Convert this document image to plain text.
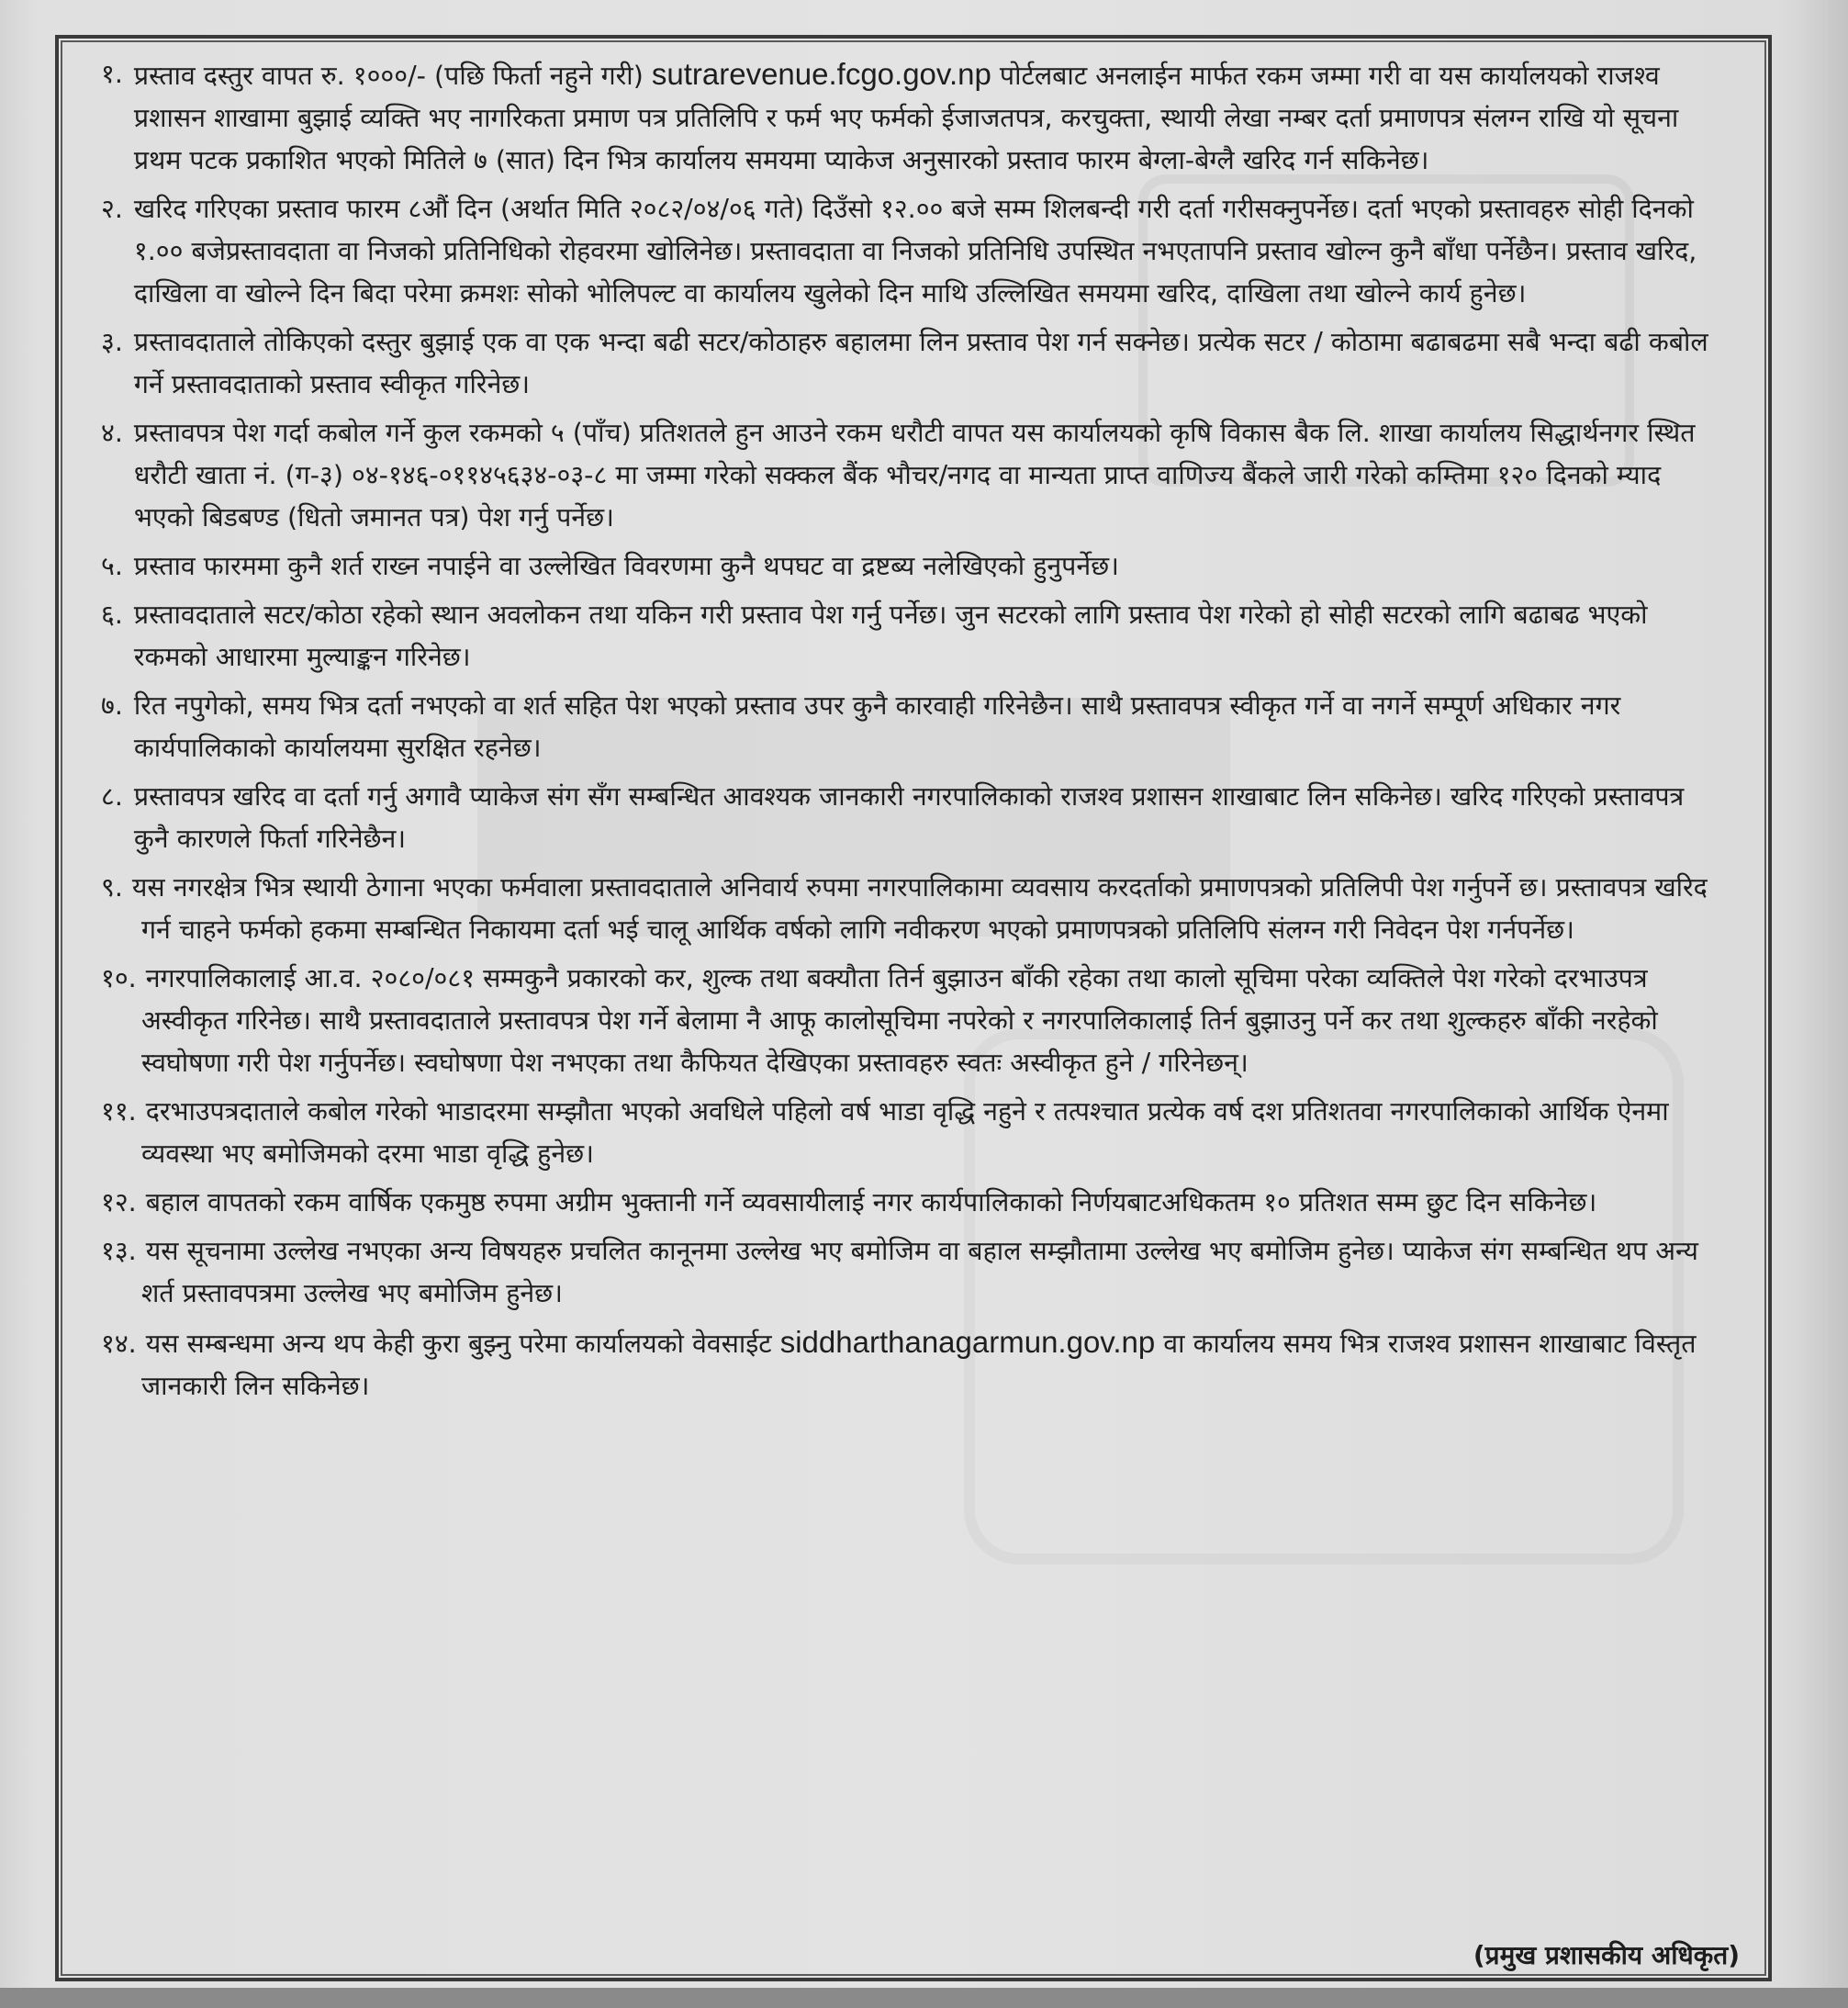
१. प्रस्ताव दस्तुर वापत रु. १०००/- (पछि फिर्ता नहुने गरी) sutrarevenue.fcgo.gov.np पोर्टलबाट अनलाईन मार्फत रकम जम्मा गरी वा यस कार्यालयको राजश्व प्रशासन शाखामा बुझाई व्यक्ति भए नागरिकता प्रमाण पत्र प्रतिलिपि र फर्म भए फर्मको ईजाजतपत्र, करचुक्ता, स्थायी लेखा नम्बर दर्ता प्रमाणपत्र संलग्न राखि यो सूचना प्रथम पटक प्रकाशित भएको मितिले ७ (सात) दिन भित्र कार्यालय समयमा प्याकेज अनुसारको प्रस्ताव फारम बेग्ला-बेग्लै खरिद गर्न सकिनेछ।
२. खरिद गरिएका प्रस्ताव फारम ८औं दिन (अर्थात मिति २०८२/०४/०६ गते) दिउँसो १२.०० बजे सम्म शिलबन्दी गरी दर्ता गरीसक्नुपर्नेछ। दर्ता भएको प्रस्तावहरु सोही दिनको १.०० बजेप्रस्तावदाता वा निजको प्रतिनिधिको रोहवरमा खोलिनेछ। प्रस्तावदाता वा निजको प्रतिनिधि उपस्थित नभएतापनि प्रस्ताव खोल्न कुनै बाँधा पर्नेछैन। प्रस्ताव खरिद, दाखिला वा खोल्ने दिन बिदा परेमा क्रमशः सोको भोलिपल्ट वा कार्यालय खुलेको दिन माथि उल्लिखित समयमा खरिद, दाखिला तथा खोल्ने कार्य हुनेछ।
३. प्रस्तावदाताले तोकिएको दस्तुर बुझाई एक वा एक भन्दा बढी सटर/कोठाहरु बहालमा लिन प्रस्ताव पेश गर्न सक्नेछ। प्रत्येक सटर / कोठामा बढाबढमा सबै भन्दा बढी कबोल गर्ने प्रस्तावदाताको प्रस्ताव स्वीकृत गरिनेछ।
४. प्रस्तावपत्र पेश गर्दा कबोल गर्ने कुल रकमको ५ (पाँच) प्रतिशतले हुन आउने रकम धरौटी वापत यस कार्यालयको कृषि विकास बैक लि. शाखा कार्यालय सिद्धार्थनगर स्थित धरौटी खाता नं. (ग-३) ०४-१४६-०११४५६३४-०३-८ मा जम्मा गरेको सक्कल बैंक भौचर/नगद वा मान्यता प्राप्त वाणिज्य बैंकले जारी गरेको कम्तिमा १२० दिनको म्याद भएको बिडबण्ड (धितो जमानत पत्र) पेश गर्नु पर्नेछ।
५. प्रस्ताव फारममा कुनै शर्त राख्न नपाईने वा उल्लेखित विवरणमा कुनै थपघट वा द्रष्टब्य नलेखिएको हुनुपर्नेछ।
६. प्रस्तावदाताले सटर/कोठा रहेको स्थान अवलोकन तथा यकिन गरी प्रस्ताव पेश गर्नु पर्नेछ। जुन सटरको लागि प्रस्ताव पेश गरेको हो सोही सटरको लागि बढाबढ भएको रकमको आधारमा मुल्याङ्कन गरिनेछ।
७. रित नपुगेको, समय भित्र दर्ता नभएको वा शर्त सहित पेश भएको प्रस्ताव उपर कुनै कारवाही गरिनेछैन। साथै प्रस्तावपत्र स्वीकृत गर्ने वा नगर्ने सम्पूर्ण अधिकार नगर कार्यपालिकाको कार्यालयमा सुरक्षित रहनेछ।
८. प्रस्तावपत्र खरिद वा दर्ता गर्नु अगावै प्याकेज संग सँग सम्बन्धित आवश्यक जानकारी नगरपालिकाको राजश्व प्रशासन शाखाबाट लिन सकिनेछ। खरिद गरिएको प्रस्तावपत्र कुनै कारणले फिर्ता गरिनेछैन।
९. यस नगरक्षेत्र भित्र स्थायी ठेगाना भएका फर्मवाला प्रस्तावदाताले अनिवार्य रुपमा नगरपालिकामा व्यवसाय करदर्ताको प्रमाणपत्रको प्रतिलिपी पेश गर्नुपर्ने छ। प्रस्तावपत्र खरिद गर्न चाहने फर्मको हकमा सम्बन्धित निकायमा दर्ता भई चालू आर्थिक वर्षको लागि नवीकरण भएको प्रमाणपत्रको प्रतिलिपि संलग्न गरी निवेदन पेश गर्नपर्नेछ।
१०. नगरपालिकालाई आ.व. २०८०/०८१ सम्मकुनै प्रकारको कर, शुल्क तथा बक्यौता तिर्न बुझाउन बाँकी रहेका तथा कालो सूचिमा परेका व्यक्तिले पेश गरेको दरभाउपत्र अस्वीकृत गरिनेछ। साथै प्रस्तावदाताले प्रस्तावपत्र पेश गर्ने बेलामा नै आफू कालोसूचिमा नपरेको र नगरपालिकालाई तिर्न बुझाउनु पर्ने कर तथा शुल्कहरु बाँकी नरहेको स्वघोषणा गरी पेश गर्नुपर्नेछ। स्वघोषणा पेश नभएका तथा कैफियत देखिएका प्रस्तावहरु स्वतः अस्वीकृत हुने / गरिनेछन्।
११. दरभाउपत्रदाताले कबोल गरेको भाडादरमा सम्झौता भएको अवधिले पहिलो वर्ष भाडा वृद्धि नहुने र तत्पश्चात प्रत्येक वर्ष दश प्रतिशतवा नगरपालिकाको आर्थिक ऐनमा व्यवस्था भए बमोजिमको दरमा भाडा वृद्धि हुनेछ।
१२. बहाल वापतको रकम वार्षिक एकमुष्ठ रुपमा अग्रीम भुक्तानी गर्ने व्यवसायीलाई नगर कार्यपालिकाको निर्णयबाटअधिकतम १० प्रतिशत सम्म छुट दिन सकिनेछ।
१३. यस सूचनामा उल्लेख नभएका अन्य विषयहरु प्रचलित कानूनमा उल्लेख भए बमोजिम वा बहाल सम्झौतामा उल्लेख भए बमोजिम हुनेछ। प्याकेज संग सम्बन्धित थप अन्य शर्त प्रस्तावपत्रमा उल्लेख भए बमोजिम हुनेछ।
१४. यस सम्बन्धमा अन्य थप केही कुरा बुझ्नु परेमा कार्यालयको वेवसाईट siddharthanagarmun.gov.np वा कार्यालय समय भित्र राजश्व प्रशासन शाखाबाट विस्तृत जानकारी लिन सकिनेछ।
(प्रमुख प्रशासकीय अधिकृत)
